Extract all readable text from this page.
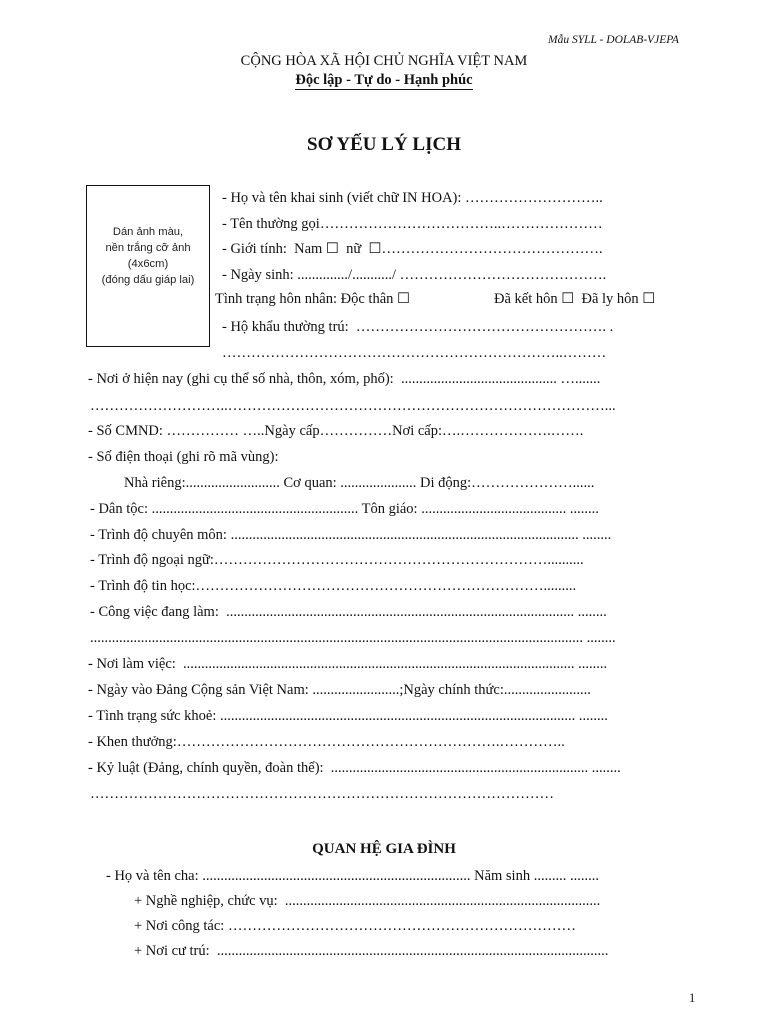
Mẫu SYLL - DOLAB-VJEPA
CỘNG HÒA XÃ HỘI CHỦ NGHĨA VIỆT NAM
Độc lập - Tự do - Hạnh phúc
SƠ YẾU LÝ LỊCH
Dán ảnh màu,
nền trắng cỡ ảnh
(4x6cm)
(đóng dấu giáp lai)
- Họ và tên khai sinh (viết chữ IN HOA): ………………………..
- Tên thường gọi………………………………..…………………
- Giới tính:  Nam ☐  nữ  ☐……………………………………….
- Ngày sinh: ............../.........../ …………………………………….
Tình trạng hôn nhân: Độc thân ☐	Đã kết hôn ☐  Đã ly hôn ☐
- Hộ khẩu thường trú:  ……………………………………………. .
……………………………………………………………..………
- Nơi ở hiện nay (ghi cụ thể số nhà, thôn, xóm, phố):  ........................................... ….......
………………………..……………………………………………………………………...
- Số CMND: …………… …..Ngày cấp……………Nơi cấp:….……………….…….
- Số điện thoại (ghi rõ mã vùng):
Nhà riêng:.......................... Cơ quan: ..................... Di động:…………………......
- Dân tộc: ......................................................... Tôn giáo: ........................................ ........
- Trình độ chuyên môn: ................................................................................................ ........
- Trình độ ngoại ngữ:……………………………………………………………..........
- Trình độ tin học:……………………………………………………………….........
- Công việc đang làm:  ................................................................................................ ........
........................................................................................................................................ ........
- Nơi làm việc:  ............................................................................................................ ........
- Ngày vào Đảng Cộng sản Việt Nam: ........................;Ngày chính thức:........................
- Tình trạng sức khoẻ: .................................................................................................. ........
- Khen thưởng:………………………………………………………….…………..
- Kỷ luật (Đảng, chính quyền, đoàn thể):  ....................................................................... ........
……………………………………………………………………………………
QUAN HỆ GIA ĐÌNH
- Họ và tên cha: .......................................................................... Năm sinh ......... ........
+ Nghề nghiệp, chức vụ:  .......................................................................................
+ Nơi công tác: ………………………………………………………………
+ Nơi cư trú:  ............................................................................................................
1
